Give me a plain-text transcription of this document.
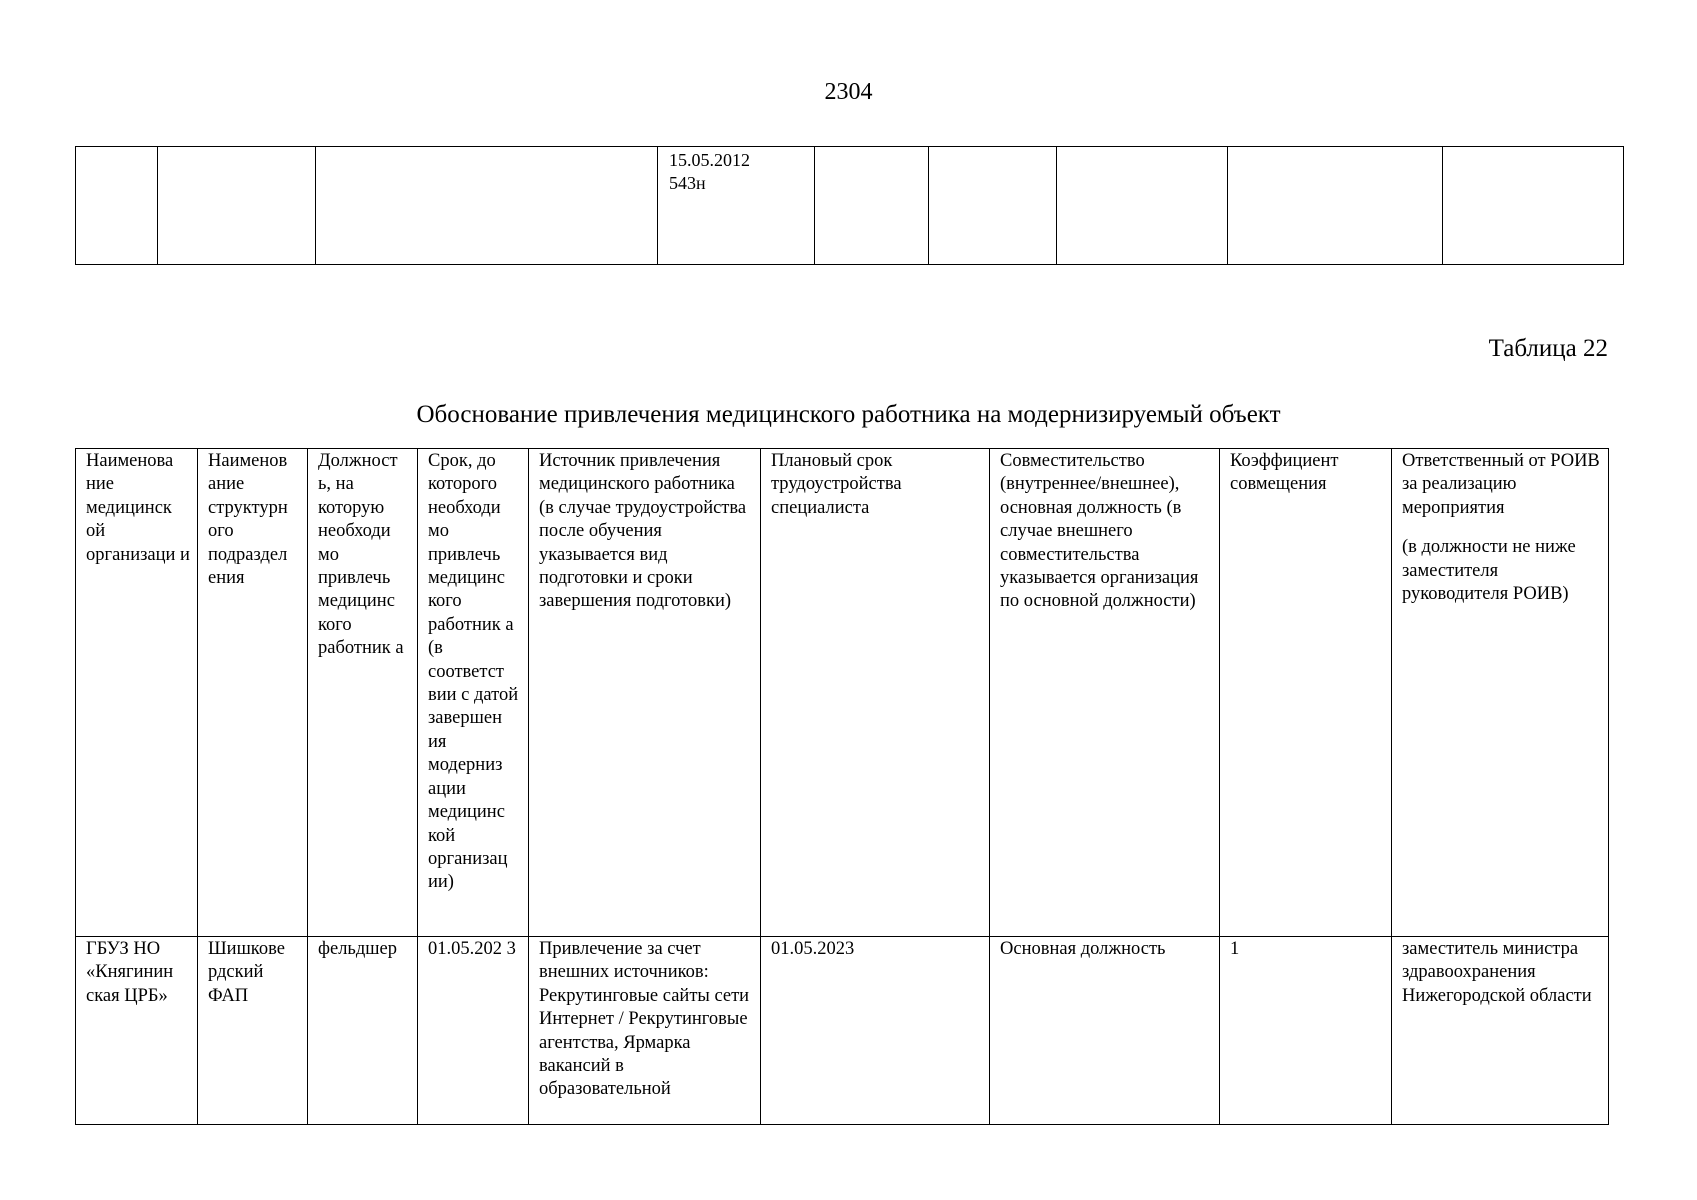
2304
			15.05.2012
543н					
Таблица 22
Обоснование привлечения медицинского работника на модернизируемый объект
Наименова ние медицинск ой организаци и	Наименов ание структурн ого подраздел ения	Должност ь, на которую необходи мо привлечь медицинс кого работник а	Срок, до которого необходи мо привлечь медицинс кого работник а (в соответст вии с датой завершен ия модерниз ации медицинс кой организац ии)	Источник привлечения медицинского работника (в случае трудоустройства после обучения указывается вид подготовки и сроки завершения подготовки)	Плановый срок трудоустройства специалиста	Совместительство (внутреннее/внешнее), основная должность (в случае внешнего совместительства указывается организация по основной должности)	Коэффициент совмещения	Ответственный от РОИВ за реализацию мероприятия
(в должности не ниже заместителя руководителя РОИВ)

ГБУЗ НО «Княгинин ская ЦРБ»	Шишкове рдский ФАП	фельдшер	01.05.202 3	Привлечение за счет внешних источников: Рекрутинговые сайты сети Интернет / Рекрутинговые агентства, Ярмарка вакансий в образовательной	01.05.2023	Основная должность	1	заместитель министра здравоохранения Нижегородской области
